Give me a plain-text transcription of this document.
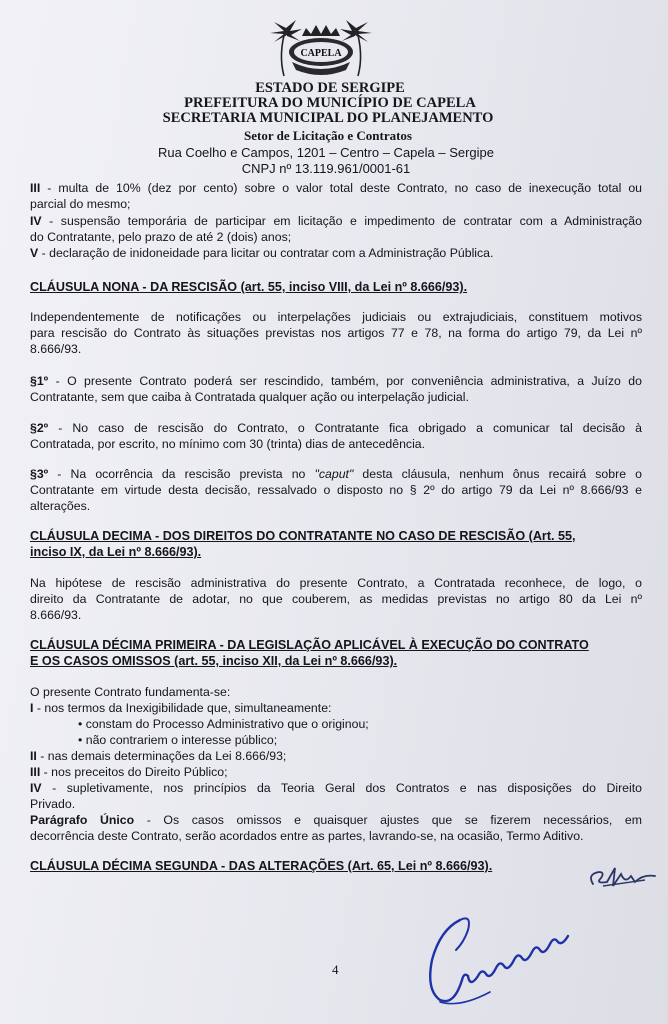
CAPELA
ESTADO DE SERGIPE
PREFEITURA DO MUNICÍPIO DE CAPELA
SECRETARIA MUNICIPAL DO PLANEJAMENTO
Setor de Licitação e Contratos
Rua Coelho e Campos, 1201 – Centro – Capela – Sergipe
CNPJ nº 13.119.961/0001-61
III - multa de 10% (dez por cento) sobre o valor total deste Contrato, no caso de inexecução total ou
parcial do mesmo;
IV - suspensão temporária de participar em licitação e impedimento de contratar com a Administração
do Contratante, pelo prazo de até 2 (dois) anos;
V - declaração de inidoneidade para licitar ou contratar com a Administração Pública.
CLÁUSULA NONA - DA RESCISÃO (art. 55, inciso VIII, da Lei nº 8.666/93).
Independentemente de notificações ou interpelações judiciais ou extrajudiciais, constituem motivos
para rescisão do Contrato às situações previstas nos artigos 77 e 78, na forma do artigo 79, da Lei nº
8.666/93.
§1º - O presente Contrato poderá ser rescindido, também, por conveniência administrativa, a Juízo do
Contratante, sem que caiba à Contratada qualquer ação ou interpelação judicial.
§2º - No caso de rescisão do Contrato, o Contratante fica obrigado a comunicar tal decisão à
Contratada, por escrito, no mínimo com 30 (trinta) dias de antecedência.
§3º - Na ocorrência da rescisão prevista no "caput" desta cláusula, nenhum ônus recairá sobre o
Contratante em virtude desta decisão, ressalvado o disposto no § 2º do artigo 79 da Lei nº 8.666/93 e
alterações.
CLÁUSULA DECIMA - DOS DIREITOS DO CONTRATANTE NO CASO DE RESCISÃO (Art. 55,
inciso IX, da Lei nº 8.666/93).
Na hipótese de rescisão administrativa do presente Contrato, a Contratada reconhece, de logo, o
direito da Contratante de adotar, no que couberem, as medidas previstas no artigo 80 da Lei nº
8.666/93.
CLÁUSULA DÉCIMA PRIMEIRA - DA LEGISLAÇÃO APLICÁVEL À EXECUÇÃO DO CONTRATO
E OS CASOS OMISSOS (art. 55, inciso XII, da Lei nº 8.666/93).
O presente Contrato fundamenta-se:
I - nos termos da Inexigibilidade que, simultaneamente:
• constam do Processo Administrativo que o originou;
• não contrariem o interesse público;
II - nas demais determinações da Lei 8.666/93;
III - nos preceitos do Direito Público;
IV - supletivamente, nos princípios da Teoria Geral dos Contratos e nas disposições do Direito
Privado.
Parágrafo Único - Os casos omissos e quaisquer ajustes que se fizerem necessários, em
decorrência deste Contrato, serão acordados entre as partes, lavrando-se, na ocasião, Termo Aditivo.
CLÁUSULA DÉCIMA SEGUNDA - DAS ALTERAÇÕES (Art. 65, Lei nº 8.666/93).
4
